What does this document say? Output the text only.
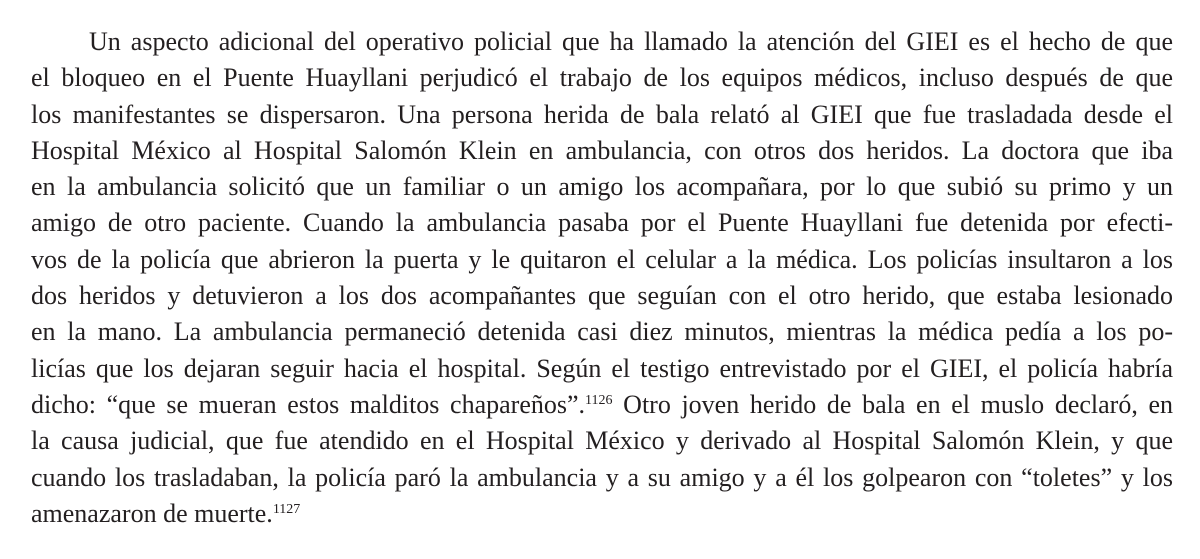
Un aspecto adicional del operativo policial que ha llamado la atención del GIEI es el hecho de que
el bloqueo en el Puente Huayllani perjudicó el trabajo de los equipos médicos, incluso después de que
los manifestantes se dispersaron. Una persona herida de bala relató al GIEI que fue trasladada desde el
Hospital México al Hospital Salomón Klein en ambulancia, con otros dos heridos. La doctora que iba
en la ambulancia solicitó que un familiar o un amigo los acompañara, por lo que subió su primo y un
amigo de otro paciente. Cuando la ambulancia pasaba por el Puente Huayllani fue detenida por efecti-
vos de la policía que abrieron la puerta y le quitaron el celular a la médica. Los policías insultaron a los
dos heridos y detuvieron a los dos acompañantes que seguían con el otro herido, que estaba lesionado
en la mano. La ambulancia permaneció detenida casi diez minutos, mientras la médica pedía a los po-
licías que los dejaran seguir hacia el hospital. Según el testigo entrevistado por el GIEI, el policía habría
dicho: “que se mueran estos malditos chapareños”.$^{1126}$ Otro joven herido de bala en el muslo declaró, en
la causa judicial, que fue atendido en el Hospital México y derivado al Hospital Salomón Klein, y que
cuando los trasladaban, la policía paró la ambulancia y a su amigo y a él los golpearon con “toletes” y los
amenazaron de muerte.$^{1127}$
